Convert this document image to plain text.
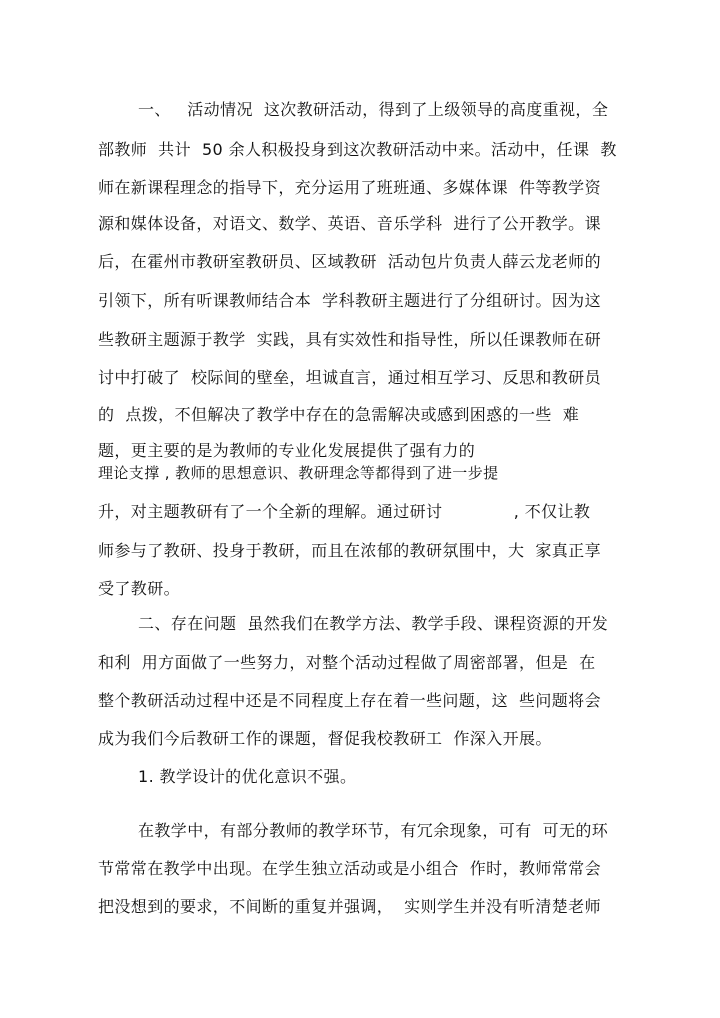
一、   活动情况  这次教研活动，得到了上级领导的高度重视，全
部教师  共计  50 余人积极投身到这次教研活动中来。活动中，任课  教
师在新课程理念的指导下，充分运用了班班通、多媒体课  件等教学资
源和媒体设备，对语文、数学、英语、音乐学科  进行了公开教学。课
后，在霍州市教研室教研员、区域教研  活动包片负责人薛云龙老师的
引领下，所有听课教师结合本  学科教研主题进行了分组研讨。因为这
些教研主题源于教学  实践，具有实效性和指导性，所以任课教师在研
讨中打破了  校际间的壁垒，坦诚直言，通过相互学习、反思和教研员
的  点拨，不但解决了教学中存在的急需解决或感到困惑的一些  难
题，更主要的是为教师的专业化发展提供了强有力的
理论支撑 , 教师的思想意识、教研理念等都得到了进一步提
升，对主题教研有了一个全新的理解。通过研讨             , 不仅让教
师参与了教研、投身于教研，而且在浓郁的教研氛围中，大  家真正享
受了教研。
二、存在问题  虽然我们在教学方法、教学手段、课程资源的开发
和利  用方面做了一些努力，对整个活动过程做了周密部署，但是  在
整个教研活动过程中还是不同程度上存在着一些问题，这  些问题将会
成为我们今后教研工作的课题，督促我校教研工  作深入开展。
1. 教学设计的优化意识不强。
在教学中，有部分教师的教学环节，有冗余现象，可有  可无的环
节常常在教学中出现。在学生独立活动或是小组合  作时，教师常常会
把没想到的要求，不间断的重复并强调，  实则学生并没有听清楚老师
